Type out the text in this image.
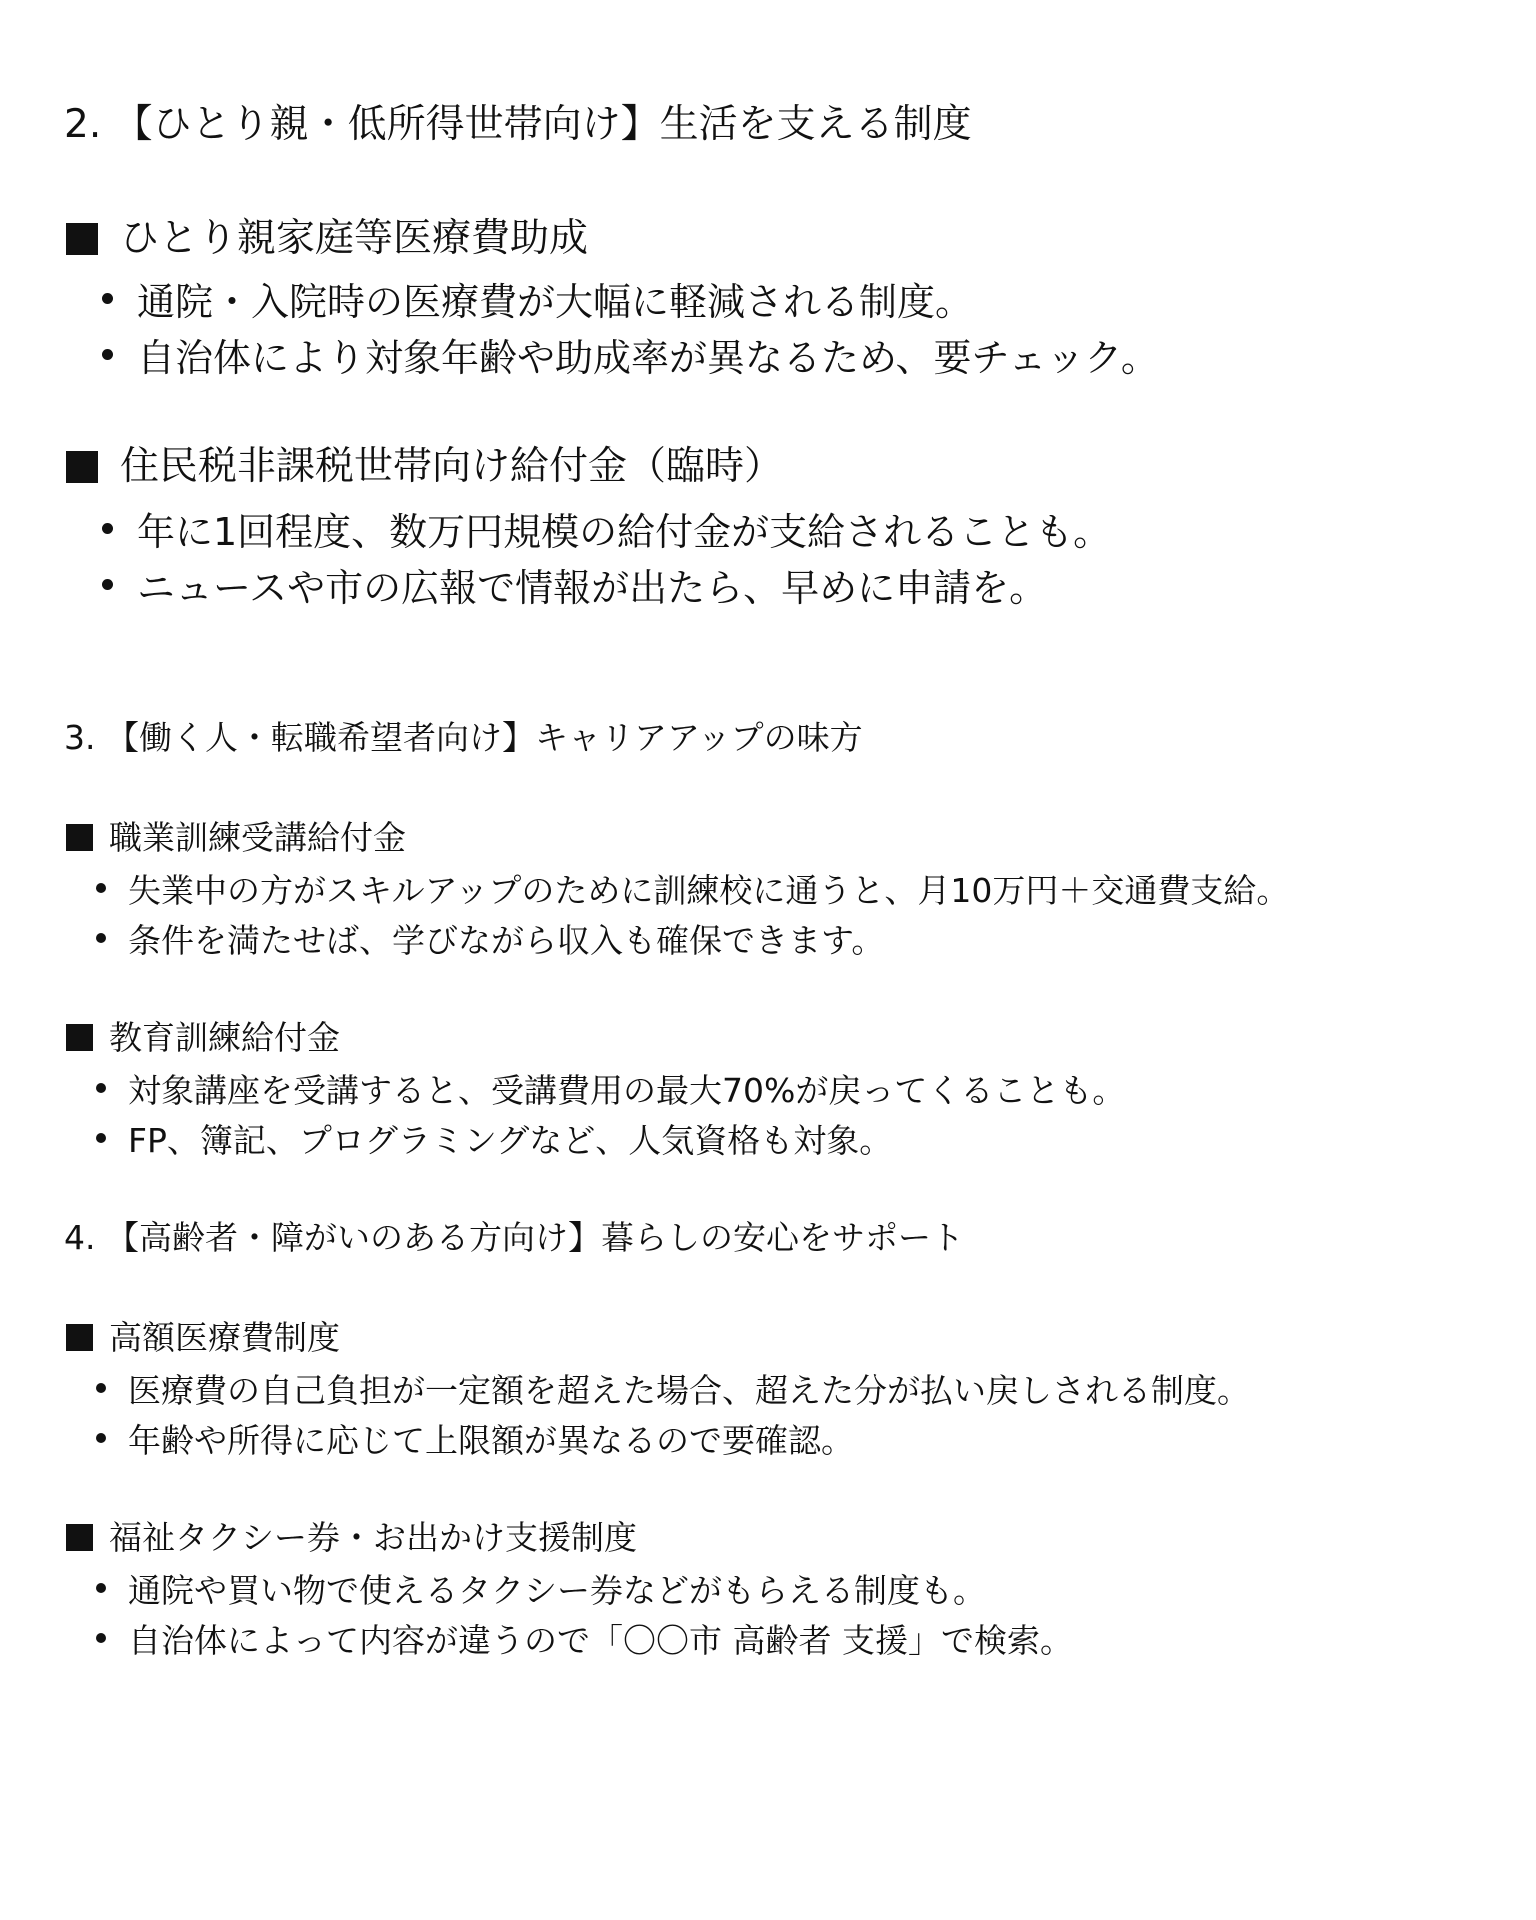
2. 【ひとり親・低所得世帯向け】生活を支える制度
ひとり親家庭等医療費助成
通院・入院時の医療費が大幅に軽減される制度。
自治体により対象年齢や助成率が異なるため、要チェック。
住民税非課税世帯向け給付金（臨時）
年に1回程度、数万円規模の給付金が支給されることも。
ニュースや市の広報で情報が出たら、早めに申請を。
3. 【働く人・転職希望者向け】キャリアアップの味方
職業訓練受講給付金
失業中の方がスキルアップのために訓練校に通うと、月10万円＋交通費支給。
条件を満たせば、学びながら収入も確保できます。
教育訓練給付金
対象講座を受講すると、受講費用の最大70%が戻ってくることも。
FP、簿記、プログラミングなど、人気資格も対象。
4. 【高齢者・障がいのある方向け】暮らしの安心をサポート
高額医療費制度
医療費の自己負担が一定額を超えた場合、超えた分が払い戻しされる制度。
年齢や所得に応じて上限額が異なるので要確認。
福祉タクシー券・お出かけ支援制度
通院や買い物で使えるタクシー券などがもらえる制度も。
自治体によって内容が違うので「〇〇市 高齢者 支援」で検索。
